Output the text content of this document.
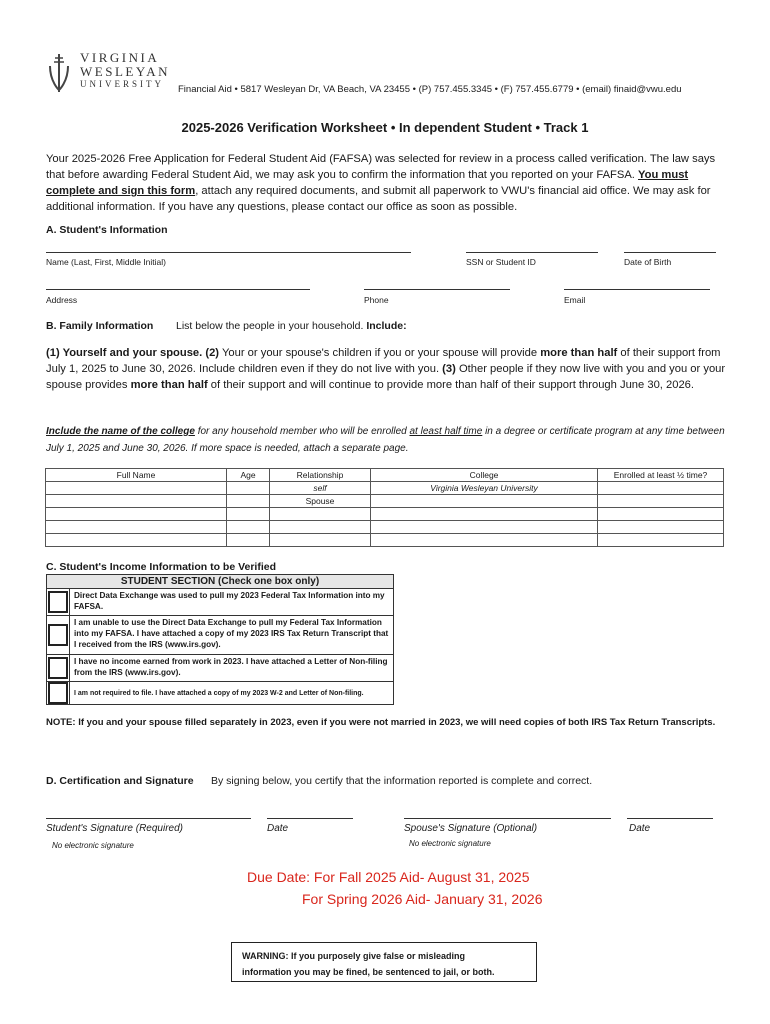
VIRGINIA
WESLEYAN
UNIVERSITY Financial Aid • 5817 Wesleyan Dr, VA Beach, VA 23455 • (P) 757.455.3345 • (F) 757.455.6779 • (email) finaid@vwu.edu
2025-2026 Verification Worksheet • In dependent Student • Track 1
Your 2025-2026 Free Application for Federal Student Aid (FAFSA) was selected for review in a process called verification. The law says that before awarding Federal Student Aid, we may ask you to confirm the information that you reported on your FAFSA. You must complete and sign this form, attach any required documents, and submit all paperwork to VWU's financial aid office. We may ask for additional information. If you have any questions, please contact our office as soon as possible.
A. Student's Information
Name (Last, First, Middle Initial)	SSN or Student ID	Date of Birth
Address	Phone	Email
B. Family Information List below the people in your household. Include:
(1) Yourself and your spouse. (2) Your or your spouse's children if you or your spouse will provide more than half of their support from July 1, 2025 to June 30, 2026. Include children even if they do not live with you. (3) Other people if they now live with you and you or your spouse provides more than half of their support and will continue to provide more than half of their support through June 30, 2026.
Include the name of the college for any household member who will be enrolled at least half time in a degree or certificate program at any time between July 1, 2025 and June 30, 2026. If more space is needed, attach a separate page.
Full Name	Age	Relationship	College	Enrolled at least ½ time?
		self	Virginia Wesleyan University	
		Spouse		

C. Student's Income Information to be Verified
STUDENT SECTION (Check one box only)
Direct Data Exchange was used to pull my 2023 Federal Tax Information into my FAFSA.
I am unable to use the Direct Data Exchange to pull my Federal Tax Information into my FAFSA. I have attached a copy of my 2023 IRS Tax Return Transcript that I received from the IRS (www.irs.gov).
I have no income earned from work in 2023. I have attached a Letter of Non-filing from the IRS (www.irs.gov).
I am not required to file. I have attached a copy of my 2023 W-2 and Letter of Non-filing.
NOTE: If you and your spouse filled separately in 2023, even if you were not married in 2023, we will need copies of both IRS Tax Return Transcripts.
D. Certification and Signature By signing below, you certify that the information reported is complete and correct.
Student's Signature (Required)	Date	Spouse's Signature (Optional)	Date
No electronic signature	No electronic signature
Due Date: For Fall 2025 Aid- August 31, 2025
For Spring 2026 Aid- January 31, 2026
WARNING: If you purposely give false or misleading
information you may be fined, be sentenced to jail, or both.
